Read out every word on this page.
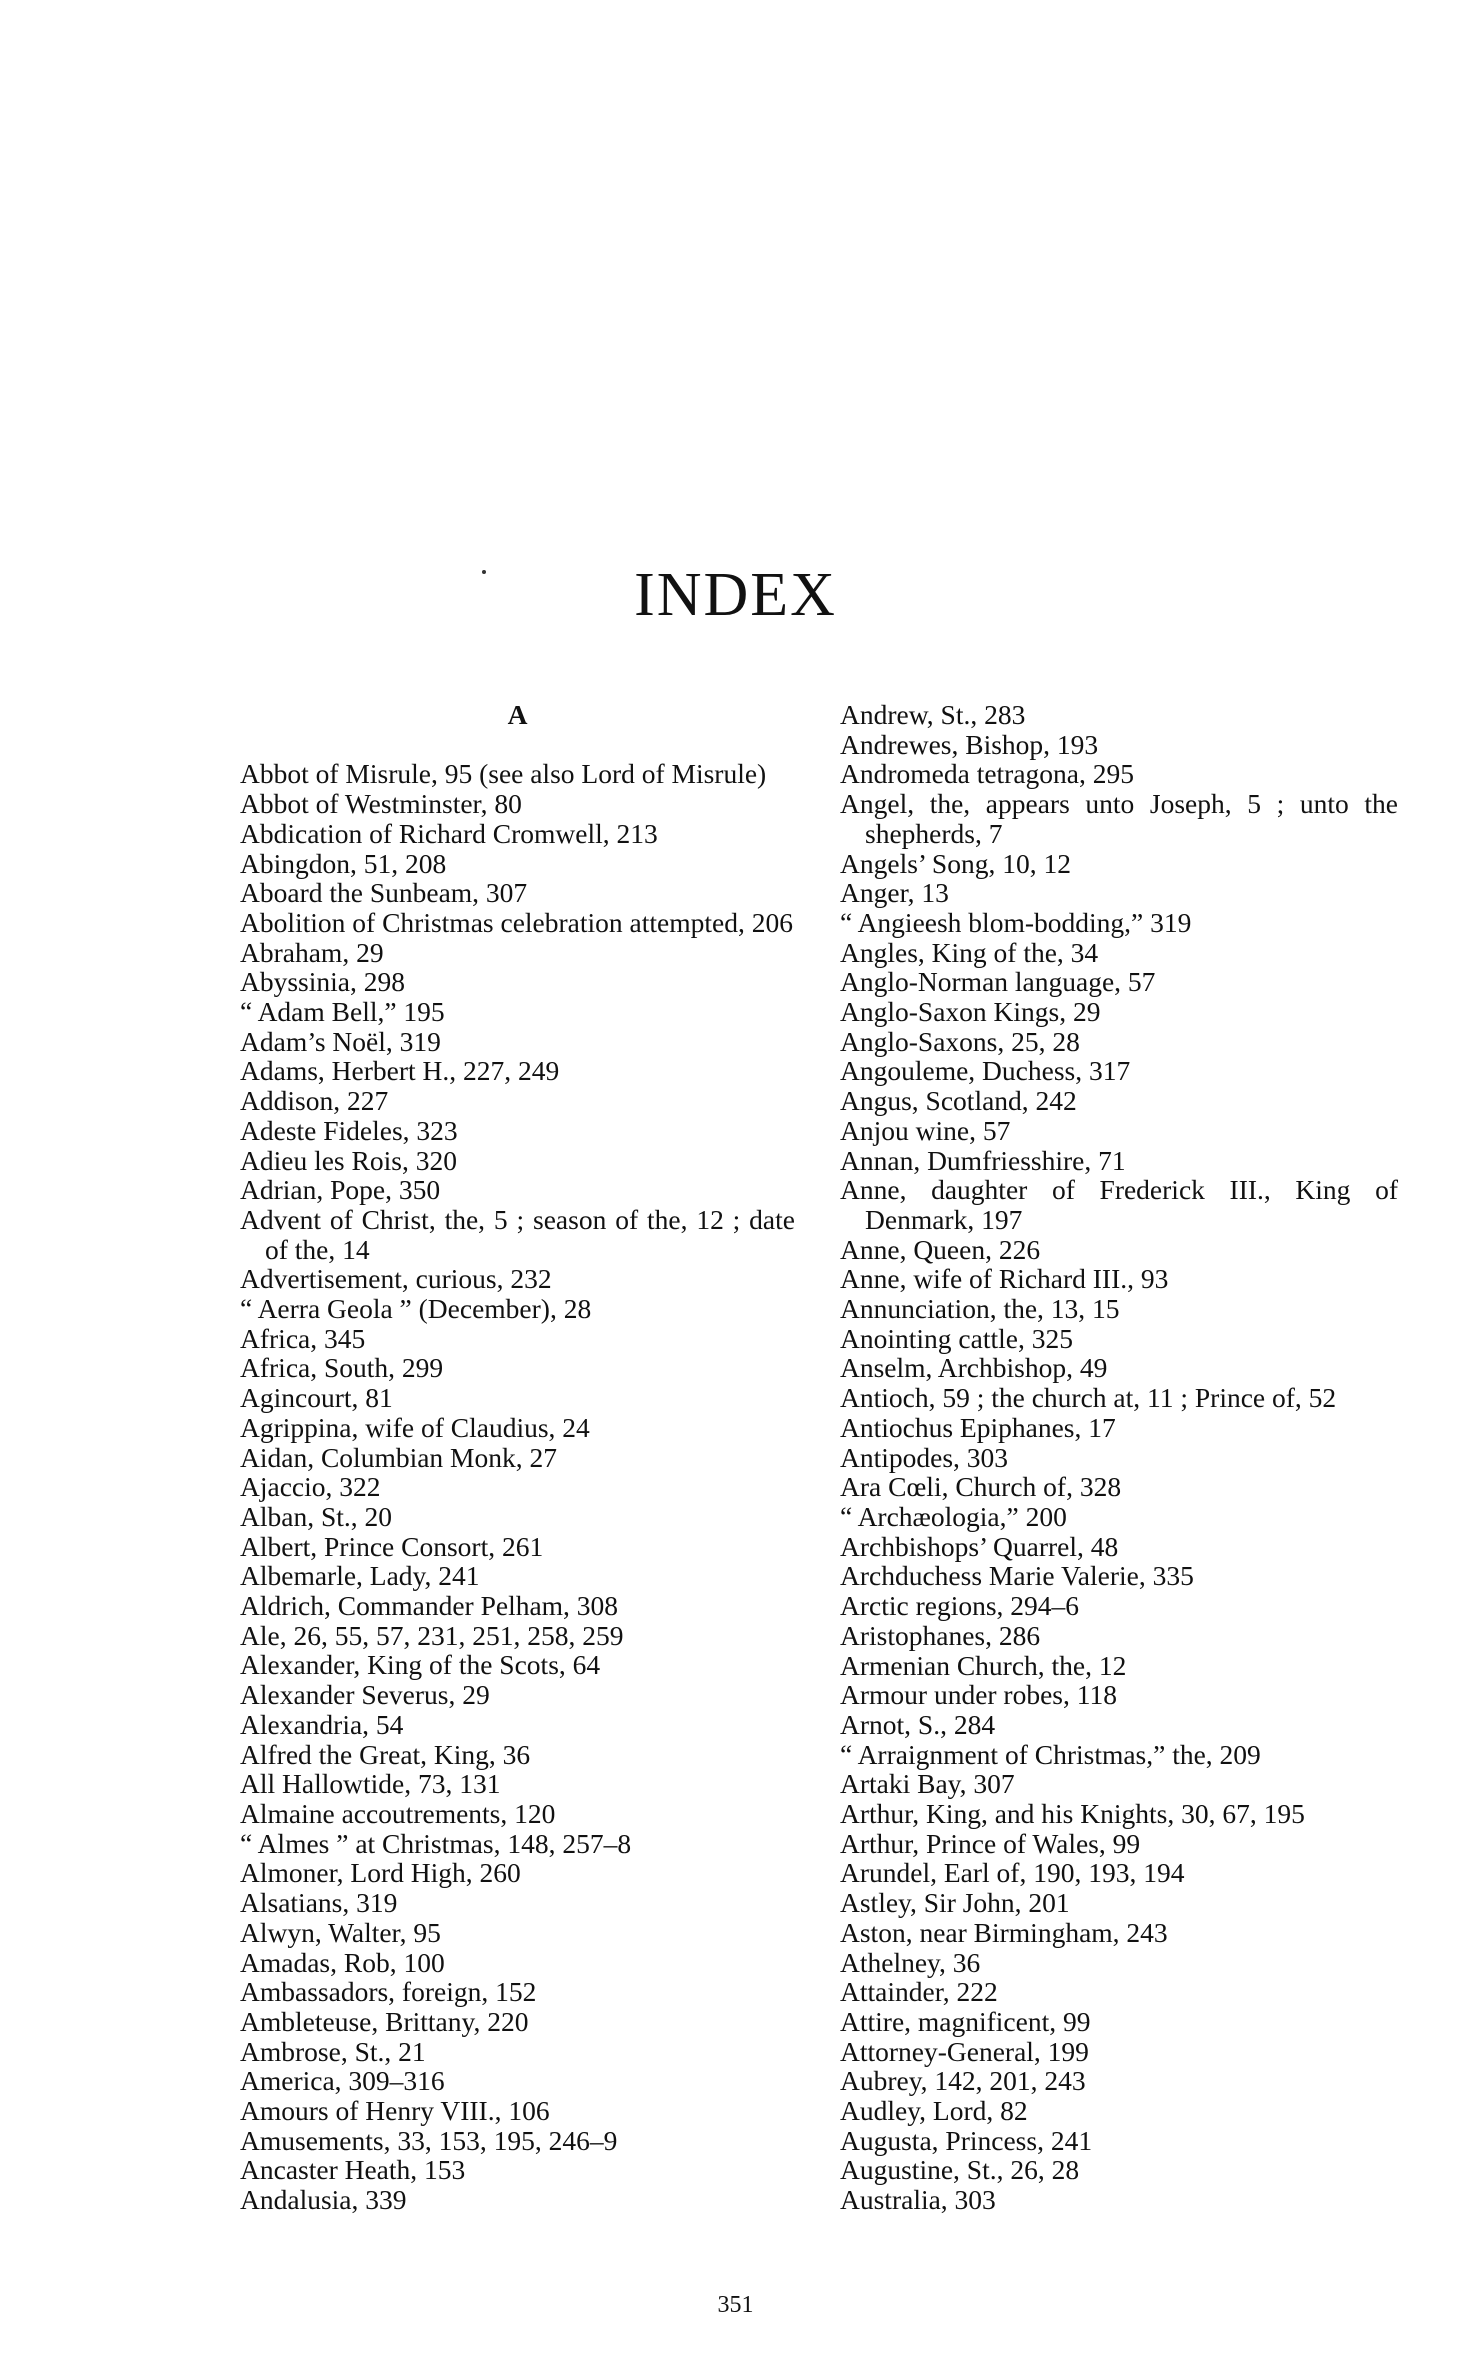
INDEX
A
Abbot of Misrule, 95 (see also Lord of Misrule)
Abbot of Westminster, 80
Abdication of Richard Cromwell, 213
Abingdon, 51, 208
Aboard the Sunbeam, 307
Abolition of Christmas celebration attempted, 206
Abraham, 29
Abyssinia, 298
“ Adam Bell,” 195
Adam’s Noël, 319
Adams, Herbert H., 227, 249
Addison, 227
Adeste Fideles, 323
Adieu les Rois, 320
Adrian, Pope, 350
Advent of Christ, the, 5 ; season of the, 12 ; date of the, 14
Advertisement, curious, 232
“ Aerra Geola ” (December), 28
Africa, 345
Africa, South, 299
Agincourt, 81
Agrippina, wife of Claudius, 24
Aidan, Columbian Monk, 27
Ajaccio, 322
Alban, St., 20
Albert, Prince Consort, 261
Albemarle, Lady, 241
Aldrich, Commander Pelham, 308
Ale, 26, 55, 57, 231, 251, 258, 259
Alexander, King of the Scots, 64
Alexander Severus, 29
Alexandria, 54
Alfred the Great, King, 36
All Hallowtide, 73, 131
Almaine accoutrements, 120
“ Almes ” at Christmas, 148, 257–8
Almoner, Lord High, 260
Alsatians, 319
Alwyn, Walter, 95
Amadas, Rob, 100
Ambassadors, foreign, 152
Ambleteuse, Brittany, 220
Ambrose, St., 21
America, 309–316
Amours of Henry VIII., 106
Amusements, 33, 153, 195, 246–9
Ancaster Heath, 153
Andalusia, 339
Andrew, St., 283
Andrewes, Bishop, 193
Andromeda tetragona, 295
Angel, the, appears unto Joseph, 5 ; unto the shepherds, 7
Angels’ Song, 10, 12
Anger, 13
“ Angieesh blom-bodding,” 319
Angles, King of the, 34
Anglo-Norman language, 57
Anglo-Saxon Kings, 29
Anglo-Saxons, 25, 28
Angouleme, Duchess, 317
Angus, Scotland, 242
Anjou wine, 57
Annan, Dumfriesshire, 71
Anne, daughter of Frederick III., King of Denmark, 197
Anne, Queen, 226
Anne, wife of Richard III., 93
Annunciation, the, 13, 15
Anointing cattle, 325
Anselm, Archbishop, 49
Antioch, 59 ; the church at, 11 ; Prince of, 52
Antiochus Epiphanes, 17
Antipodes, 303
Ara Cœli, Church of, 328
“ Archæologia,” 200
Archbishops’ Quarrel, 48
Archduchess Marie Valerie, 335
Arctic regions, 294–6
Aristophanes, 286
Armenian Church, the, 12
Armour under robes, 118
Arnot, S., 284
“ Arraignment of Christmas,” the, 209
Artaki Bay, 307
Arthur, King, and his Knights, 30, 67, 195
Arthur, Prince of Wales, 99
Arundel, Earl of, 190, 193, 194
Astley, Sir John, 201
Aston, near Birmingham, 243
Athelney, 36
Attainder, 222
Attire, magnificent, 99
Attorney-General, 199
Aubrey, 142, 201, 243
Audley, Lord, 82
Augusta, Princess, 241
Augustine, St., 26, 28
Australia, 303
351
